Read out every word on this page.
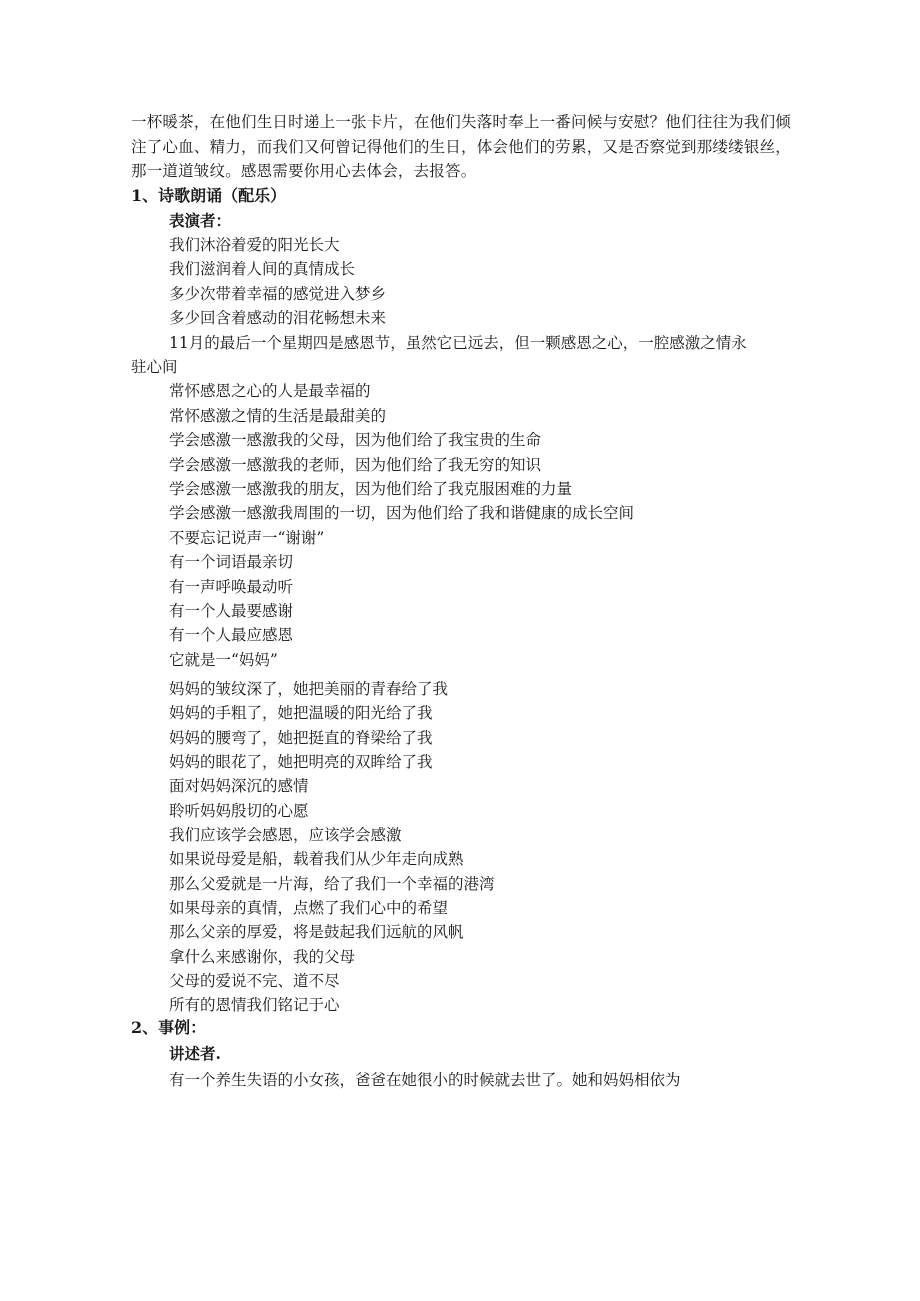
一杯暖茶，在他们生日时递上一张卡片，在他们失落时奉上一番问候与安慰？他们往往为我们倾注了心血、精力，而我们又何曾记得他们的生日，体会他们的劳累，又是否察觉到那缕缕银丝，那一道道皱纹。感恩需要你用心去体会，去报答。

1、诗歌朗诵（配乐）
表演者：
我们沐浴着爱的阳光长大
我们滋润着人间的真情成长
多少次带着幸福的感觉进入梦乡
多少回含着感动的泪花畅想未来
11月的最后一个星期四是感恩节，虽然它已远去，但一颗感恩之心，一腔感激之情永驻心间
常怀感恩之心的人是最幸福的
常怀感激之情的生活是最甜美的
学会感激一感激我的父母，因为他们给了我宝贵的生命
学会感激一感激我的老师，因为他们给了我无穷的知识
学会感激一感激我的朋友，因为他们给了我克服困难的力量
学会感激一感激我周围的一切，因为他们给了我和谐健康的成长空间
不要忘记说声一“谢谢”
有一个词语最亲切
有一声呼唤最动听
有一个人最要感谢
有一个人最应感恩
它就是一“妈妈”
妈妈的皱纹深了，她把美丽的青春给了我
妈妈的手粗了，她把温暖的阳光给了我
妈妈的腰弯了，她把挺直的脊梁给了我
妈妈的眼花了，她把明亮的双眸给了我
面对妈妈深沉的感情
聆听妈妈殷切的心愿
我们应该学会感恩，应该学会感激
如果说母爱是船，载着我们从少年走向成熟
那么父爱就是一片海，给了我们一个幸福的港湾
如果母亲的真情，点燃了我们心中的希望
那么父亲的厚爱，将是鼓起我们远航的风帆
拿什么来感谢你，我的父母
父母的爱说不完、道不尽
所有的恩情我们铭记于心
2、事例：
讲述者.

有一个养生失语的小女孩，爸爸在她很小的时候就去世了。她和妈妈相依为
